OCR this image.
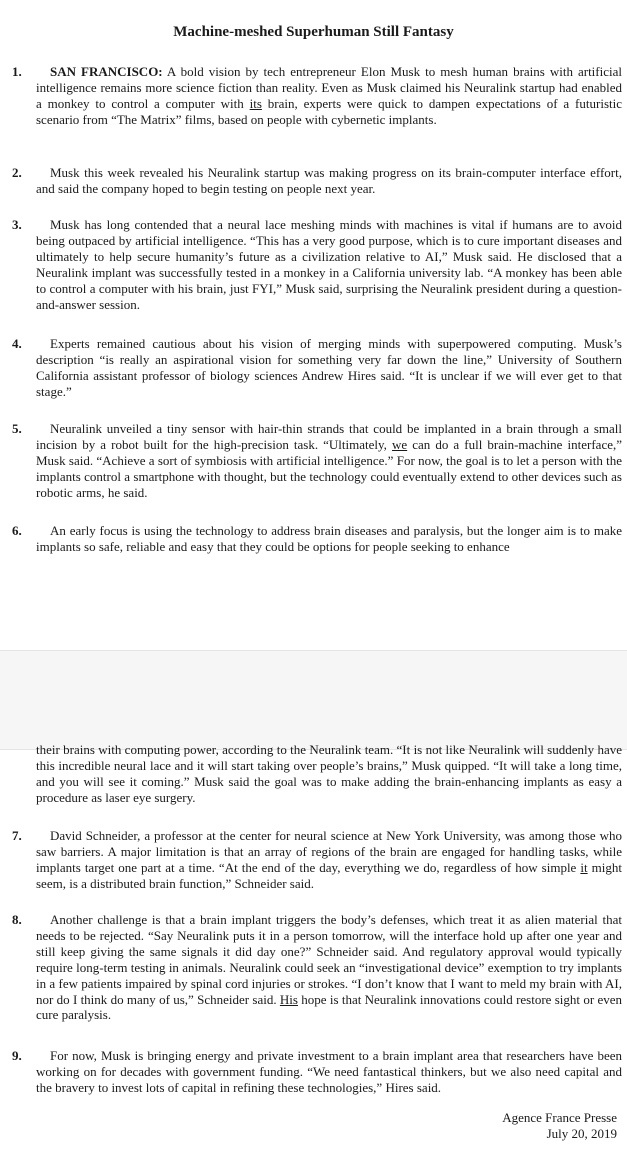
Machine-meshed Superhuman Still Fantasy
1. SAN FRANCISCO: A bold vision by tech entrepreneur Elon Musk to mesh human brains with artificial intelligence remains more science fiction than reality. Even as Musk claimed his Neuralink startup had enabled a monkey to control a computer with its brain, experts were quick to dampen expectations of a futuristic scenario from “The Matrix” films, based on people with cybernetic implants.
2. Musk this week revealed his Neuralink startup was making progress on its brain-computer interface effort, and said the company hoped to begin testing on people next year.
3. Musk has long contended that a neural lace meshing minds with machines is vital if humans are to avoid being outpaced by artificial intelligence. “This has a very good purpose, which is to cure important diseases and ultimately to help secure humanity’s future as a civilization relative to AI,” Musk said. He disclosed that a Neuralink implant was successfully tested in a monkey in a California university lab. “A monkey has been able to control a computer with his brain, just FYI,” Musk said, surprising the Neuralink president during a question-and-answer session.
4. Experts remained cautious about his vision of merging minds with superpowered computing. Musk’s description “is really an aspirational vision for something very far down the line,” University of Southern California assistant professor of biology sciences Andrew Hires said. “It is unclear if we will ever get to that stage.”
5. Neuralink unveiled a tiny sensor with hair-thin strands that could be implanted in a brain through a small incision by a robot built for the high-precision task. “Ultimately, we can do a full brain-machine interface,” Musk said. “Achieve a sort of symbiosis with artificial intelligence.” For now, the goal is to let a person with the implants control a smartphone with thought, but the technology could eventually extend to other devices such as robotic arms, he said.
6. An early focus is using the technology to address brain diseases and paralysis, but the longer aim is to make implants so safe, reliable and easy that they could be options for people seeking to enhance
their brains with computing power, according to the Neuralink team. “It is not like Neuralink will suddenly have this incredible neural lace and it will start taking over people’s brains,” Musk quipped. “It will take a long time, and you will see it coming.” Musk said the goal was to make adding the brain-enhancing implants as easy a procedure as laser eye surgery.
7. David Schneider, a professor at the center for neural science at New York University, was among those who saw barriers. A major limitation is that an array of regions of the brain are engaged for handling tasks, while implants target one part at a time. “At the end of the day, everything we do, regardless of how simple it might seem, is a distributed brain function,” Schneider said.
8. Another challenge is that a brain implant triggers the body’s defenses, which treat it as alien material that needs to be rejected. “Say Neuralink puts it in a person tomorrow, will the interface hold up after one year and still keep giving the same signals it did day one?” Schneider said. And regulatory approval would typically require long-term testing in animals. Neuralink could seek an “investigational device” exemption to try implants in a few patients impaired by spinal cord injuries or strokes. “I don’t know that I want to meld my brain with AI, nor do I think do many of us,” Schneider said. His hope is that Neuralink innovations could restore sight or even cure paralysis.
9. For now, Musk is bringing energy and private investment to a brain implant area that researchers have been working on for decades with government funding. “We need fantastical thinkers, but we also need capital and the bravery to invest lots of capital in refining these technologies,” Hires said.
Agence France Presse
July 20, 2019
